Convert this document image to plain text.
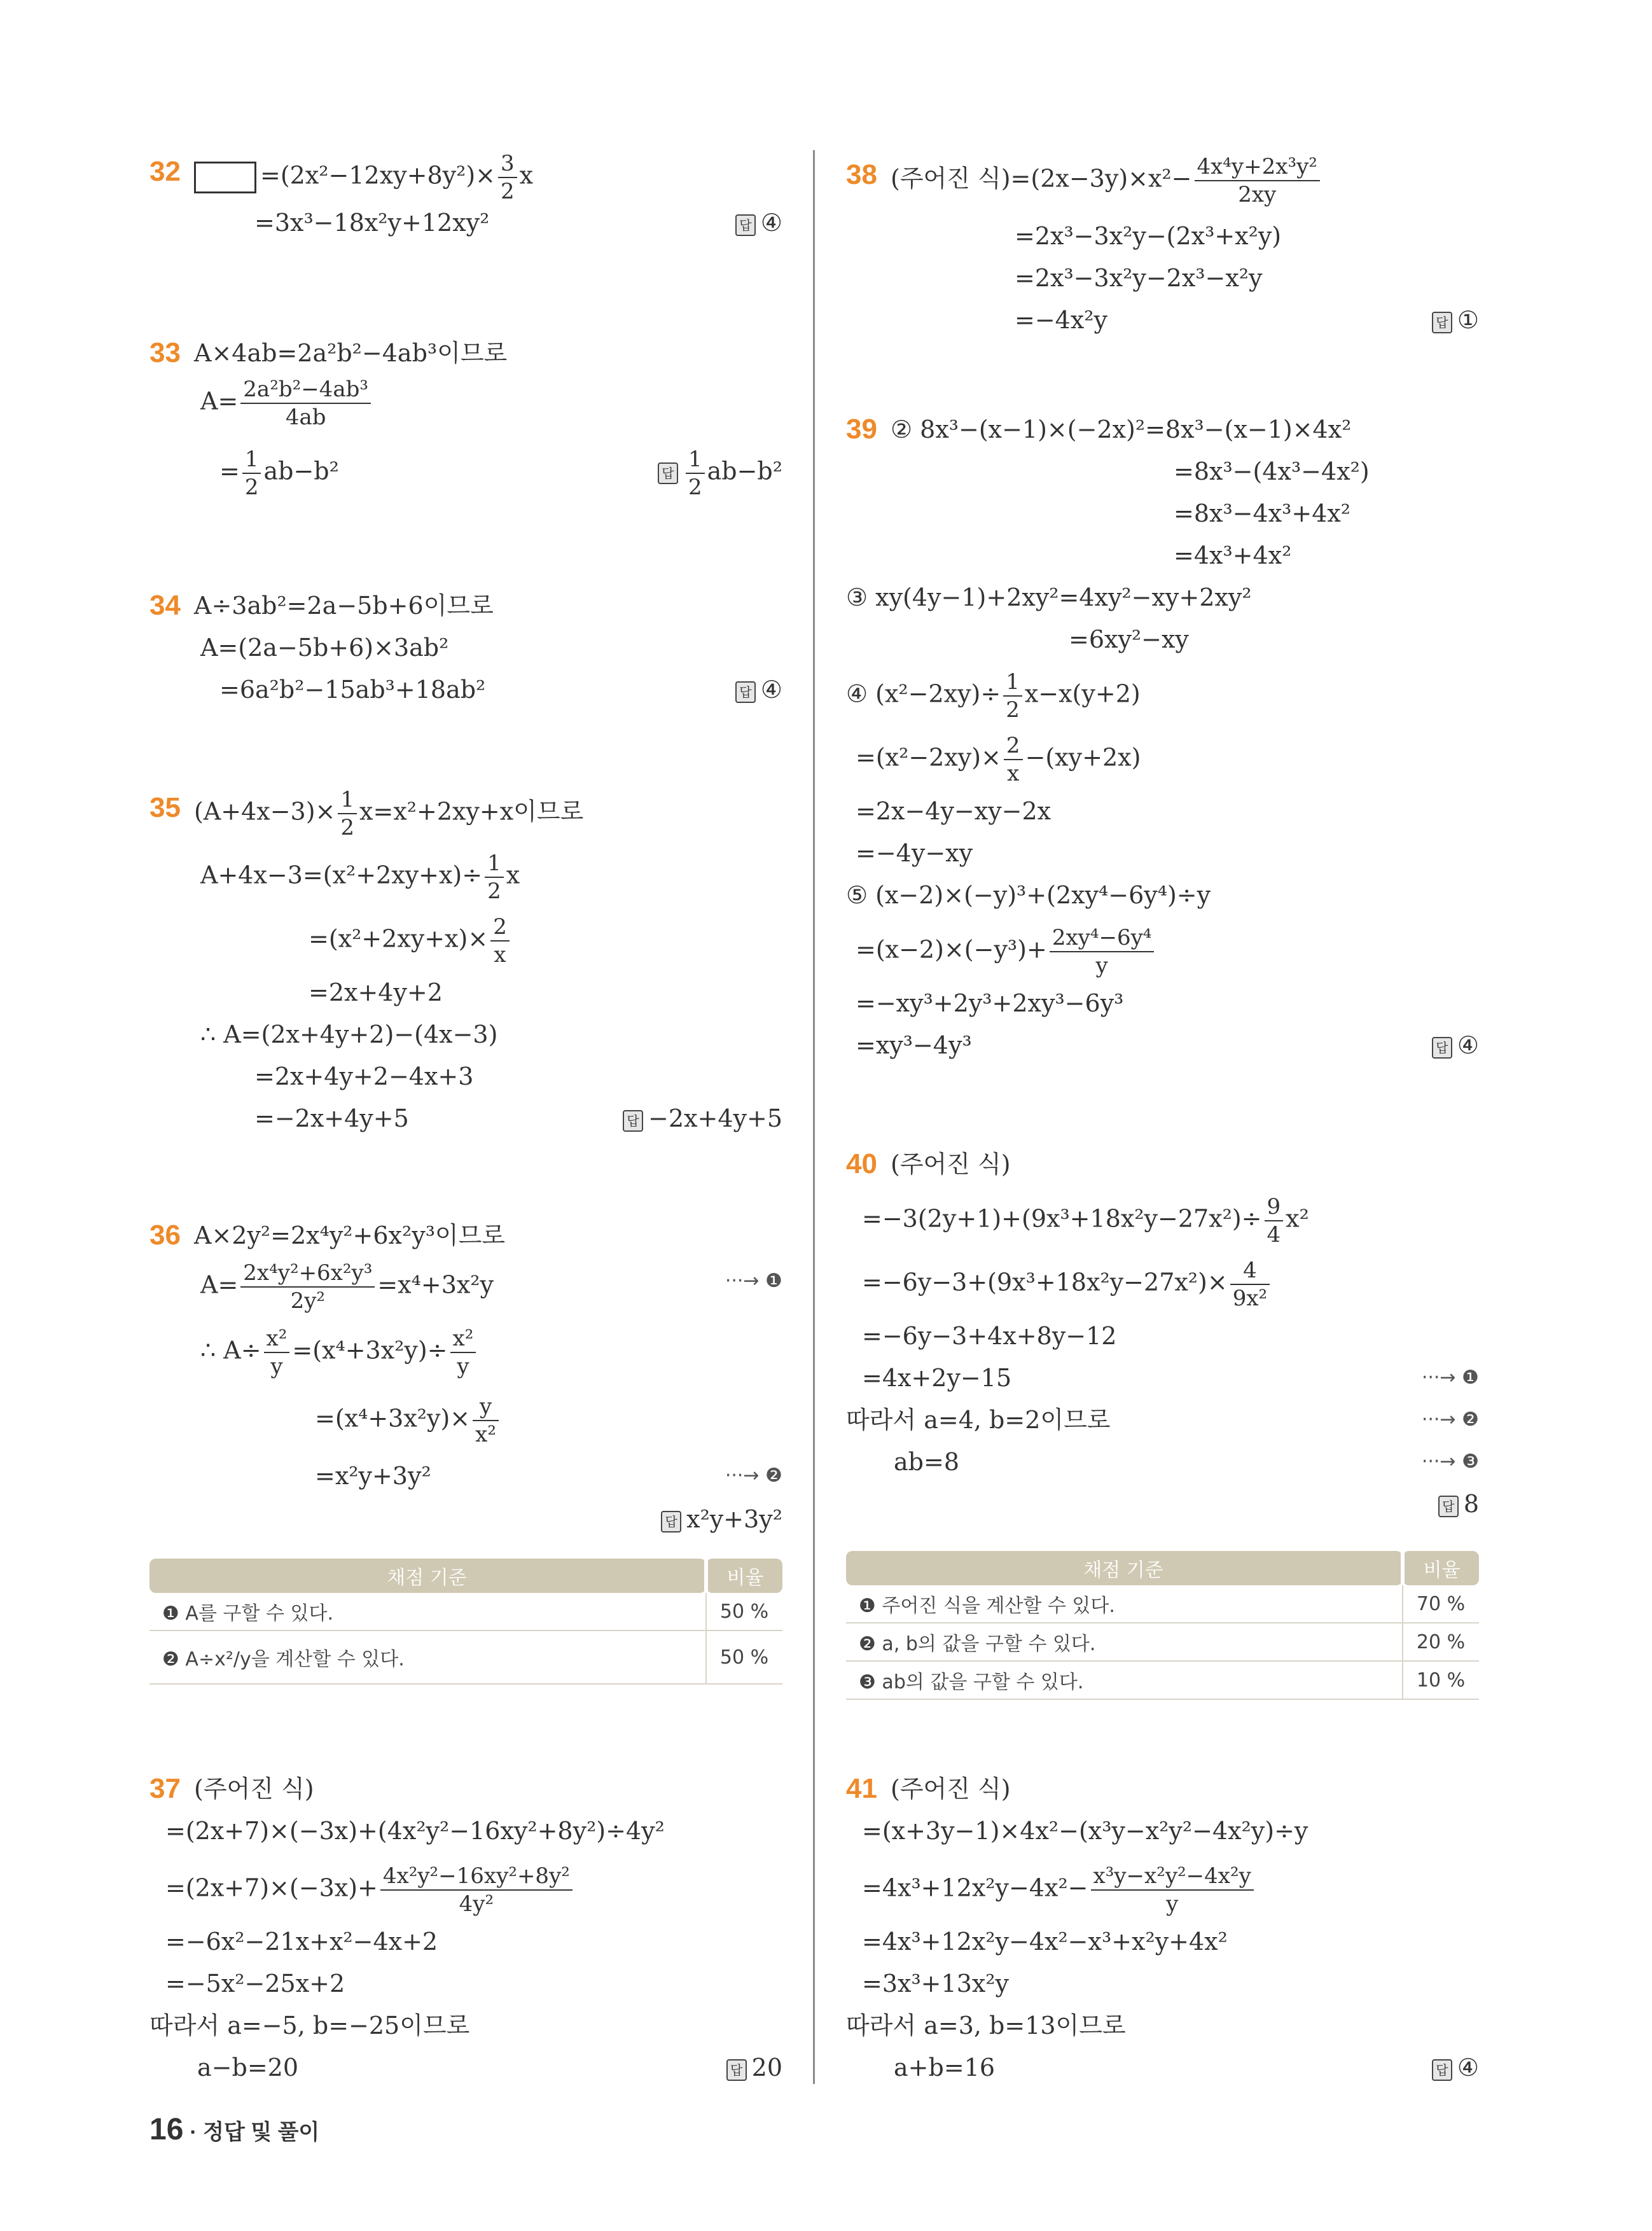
32	$=(2x^2-12xy+8y^2)\times \frac{3}{2}$ x
=3x³−18x²y+12xy²	답 ④
33 A×4ab=2a²b²−4ab³이므로
$A= \frac{\text{2a²b²−4ab³}}{4ab}$
= $\frac{1}{2} ab-b^2$	답 $\frac{1}{2} ab-b^2$
34 A÷3ab²=2a−5b+6이므로
A=(2a−5b+6)×3ab²
=6a²b²−15ab³+18ab²	답 ④
35 $(A+4x-3)\times \frac{1}{2} x=x^2+2xy+x$이므로
$A+4x-3=(x^2+2xy+x)\div \frac{1}{2}$ x
$=(x^2+2xy+x)\times \frac{2}{x}$
=2x+4y+2
∴ A=(2x+4y+2)−(4x−3)
=2x+4y+2−4x+3
=−2x+4y+5	답 −2x+4y+5
36 A×2y²=2x⁴y²+6x²y³이므로
$A= \frac{\text{2x⁴y²+6x²y³}}{\text{2y²}} =x^4+3x^2y$	···→ ❶
∴ $A\div \frac{\text{x²}}{y} =(x^4+3x^2y)\div \frac{\text{x²}}{y}$
$=(x^4+3x^2y)\times \frac{y}{\text{x²}}$
=x²y+3y²	···→ ❷
답 x²y+3y²
채점 기준	비율
❶ A를 구할 수 있다.	50 %
❷ A÷x²/y을 계산할 수 있다.	50 %
37 (주어진 식)
=(2x+7)×(−3x)+(4x²y²−16xy²+8y²)÷4y²
$=(2x+7)\times(-3x)+ \frac{\text{4x²y²−16xy²+8y²}}{\text{4y²}}$
=−6x²−21x+x²−4x+2
=−5x²−25x+2
따라서 a=−5, b=−25이므로
a−b=20	답 20
38 (주어진 식)$=(2x-3y)\times x^2- \frac{\text{4x⁴y+2x³y²}}{2xy}$
=2x³−3x²y−(2x³+x²y)
=2x³−3x²y−2x³−x²y
=−4x²y	답 ①
39 ② 8x³−(x−1)×(−2x)²=8x³−(x−1)×4x²
=8x³−(4x³−4x²)
=8x³−4x³+4x²
=4x³+4x²
③ xy(4y−1)+2xy²=4xy²−xy+2xy²
=6xy²−xy
④ $(x^2-2xy)\div \frac{1}{2} x-x(y+2)$
$=(x^2-2xy)\times \frac{2}{x} -(xy+2x)$
=2x−4y−xy−2x
=−4y−xy
⑤ (x−2)×(−y)³+(2xy⁴−6y⁴)÷y
$=(x-2)\times(-y^3)+ \frac{\text{2xy⁴−6y⁴}}{y}$
=−xy³+2y³+2xy³−6y³
=xy³−4y³	답 ④
40 (주어진 식)
$=-3(2y+1)+(9x^3+18x^2y-27x^2)\div \frac{9}{4} x^2$
$=-6y-3+(9x^3+18x^2y-27x^2)\times \frac{4}{\text{9x²}}$
=−6y−3+4x+8y−12
=4x+2y−15	···→ ❶
따라서 a=4, b=2이므로	···→ ❷
ab=8	···→ ❸
답 8
채점 기준	비율
❶ 주어진 식을 계산할 수 있다.	70 %
❷ a, b의 값을 구할 수 있다.	20 %
❸ ab의 값을 구할 수 있다.	10 %
41 (주어진 식)
=(x+3y−1)×4x²−(x³y−x²y²−4x²y)÷y
$=4x^3+12x^2y-4x^2- \frac{\text{x³y−x²y²−4x²y}}{y}$
=4x³+12x²y−4x²−x³+x²y+4x²
=3x³+13x²y
따라서 a=3, b=13이므로
a+b=16	답 ④
16 · 정답 및 풀이
